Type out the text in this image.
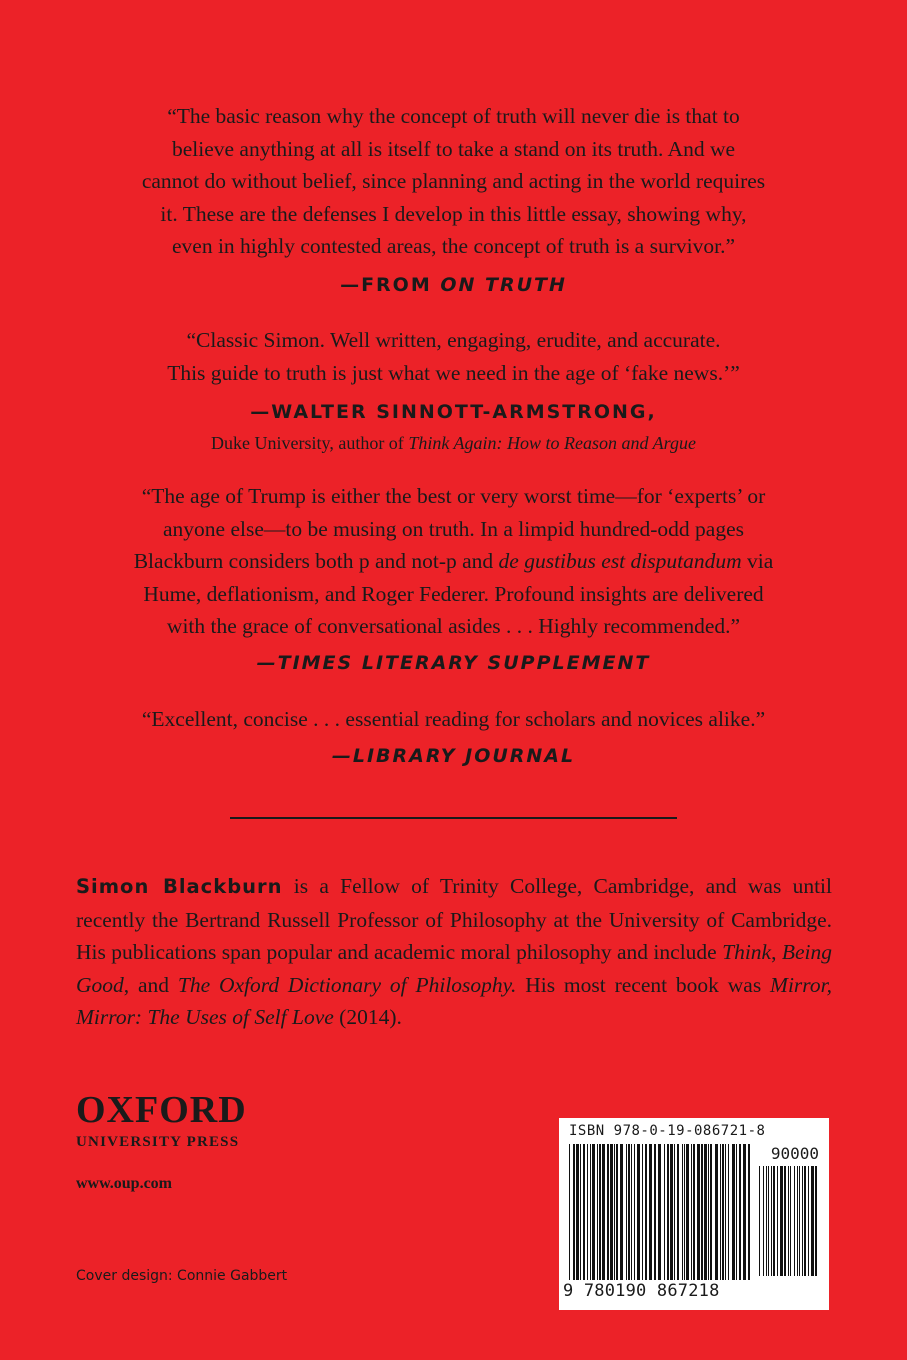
“The basic reason why the concept of truth will never die is that to
believe anything at all is itself to take a stand on its truth. And we
cannot do without belief, since planning and acting in the world requires
it. These are the defenses I develop in this little essay, showing why,
even in highly contested areas, the concept of truth is a survivor.”
—FROM ON TRUTH
“Classic Simon. Well written, engaging, erudite, and accurate.
This guide to truth is just what we need in the age of ‘fake news.’”
—WALTER SINNOTT-ARMSTRONG,
Duke University, author of Think Again: How to Reason and Argue
“The age of Trump is either the best or very worst time—for ‘experts’ or
anyone else—to be musing on truth. In a limpid hundred-odd pages
Blackburn considers both p and not-p and de gustibus est disputandum via
Hume, deflationism, and Roger Federer. Profound insights are delivered
with the grace of conversational asides . . . Highly recommended.”
—TIMES LITERARY SUPPLEMENT
“Excellent, concise . . . essential reading for scholars and novices alike.”
—LIBRARY JOURNAL
Simon Blackburn is a Fellow of Trinity College, Cambridge, and was until recently the Bertrand Russell Professor of Philosophy at the University of Cambridge. His publications span popular and academic moral philosophy and include Think, Being Good, and The Oxford Dictionary of Philosophy. His most recent book was Mirror, Mirror: The Uses of Self Love (2014).
OXFORD
UNIVERSITY PRESS
www.oup.com
Cover design: Connie Gabbert
ISBN 978-0-19-086721-8
90000
9 780190 867218
